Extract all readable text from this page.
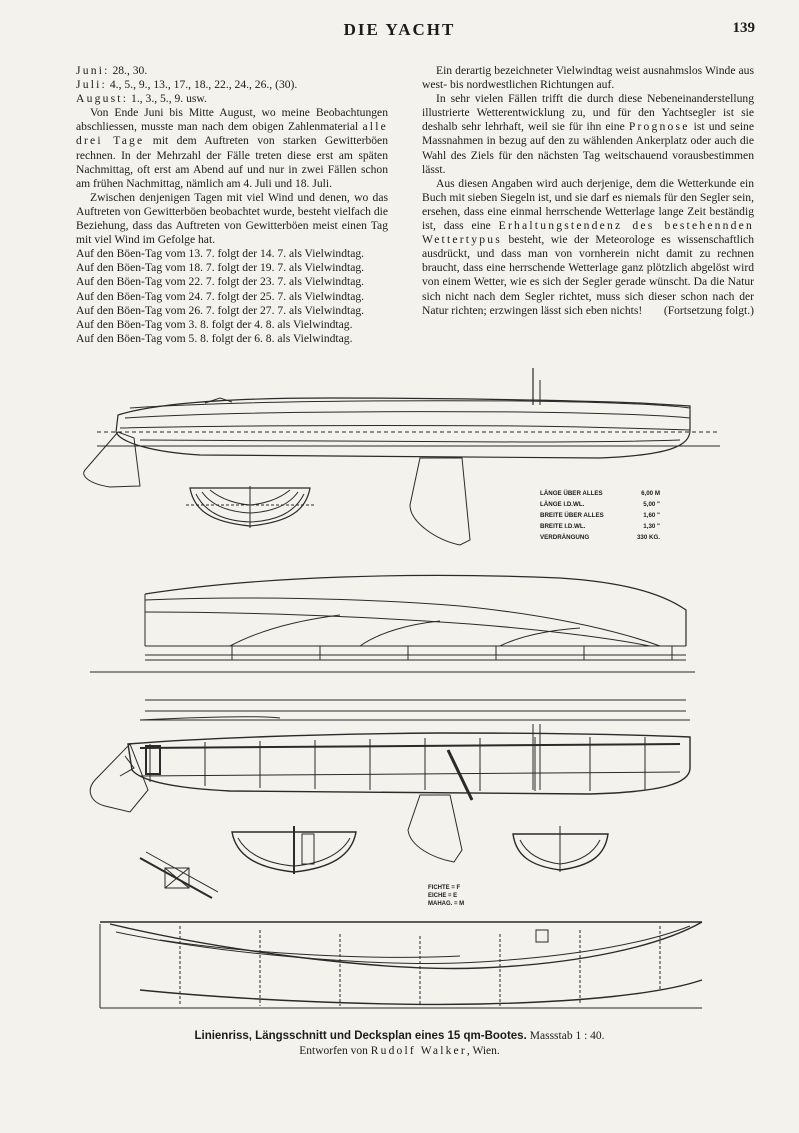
DIE YACHT	139

Juni: 28., 30.

Juli: 4., 5., 9., 13., 17., 18., 22., 24., 26., (30).

August: 1., 3., 5., 9. usw.

Von Ende Juni bis Mitte August, wo meine Beobachtungen abschliessen, musste man nach dem obigen Zahlenmaterial alle drei Tage mit dem Auftreten von starken Gewitterböen rechnen. In der Mehrzahl der Fälle treten diese erst am späten Nachmittag, oft erst am Abend auf und nur in zwei Fällen schon am frühen Nachmittag, nämlich am 4. Juli und 18. Juli.

Zwischen denjenigen Tagen mit viel Wind und denen, wo das Auftreten von Gewitterböen beobachtet wurde, besteht vielfach die Beziehung, dass das Auftreten von Gewitterböen meist einen Tag mit viel Wind im Gefolge hat.

Auf den Böen-Tag vom 13. 7. folgt der 14. 7. als Vielwindtag.

Auf den Böen-Tag vom 18. 7. folgt der 19. 7. als Vielwindtag.

Auf den Böen-Tag vom 22. 7. folgt der 23. 7. als Vielwindtag.

Auf den Böen-Tag vom 24. 7. folgt der 25. 7. als Vielwindtag.

Auf den Böen-Tag vom 26. 7. folgt der 27. 7. als Vielwindtag.

Auf den Böen-Tag vom 3. 8. folgt der 4. 8. als Vielwindtag.

Auf den Böen-Tag vom 5. 8. folgt der 6. 8. als Vielwindtag.

Ein derartig bezeichneter Vielwindtag weist ausnahmslos Winde aus west- bis nordwestlichen Richtungen auf.

In sehr vielen Fällen trifft die durch diese Nebeneinanderstellung illustrierte Wetterentwicklung zu, und für den Yachtsegler ist sie deshalb sehr lehrhaft, weil sie für ihn eine Prognose ist und seine Massnahmen in bezug auf den zu wählenden Ankerplatz oder auch die Wahl des Ziels für den nächsten Tag weitschauend vorausbestimmen lässt.

Aus diesen Angaben wird auch derjenige, dem die Wetterkunde ein Buch mit sieben Siegeln ist, und sie darf es niemals für den Segler sein, ersehen, dass eine einmal herrschende Wetterlage lange Zeit beständig ist, dass eine Erhaltungstendenz des bestehennden Wettertypus besteht, wie der Meteorologe es wissenschaftlich ausdrückt, und dass man von vornherein nicht damit zu rechnen braucht, dass eine herrschende Wetterlage ganz plötzlich abgelöst wird von einem Wetter, wie es sich der Segler gerade wünscht. Da die Natur sich nicht nach dem Segler richtet, muss sich dieser schon nach der Natur richten; erzwingen lässt sich eben nichts!	(Fortsetzung folgt.)

LÄNGE ÜBER ALLES	6,00 M
LÄNGE I.D.WL.	5,00 "
BREITE ÜBER ALLES	1,60 "
BREITE I.D.WL.	1,30 "
VERDRÄNGUNG	330 KG.
FICHTE = F
EICHE = E
MAHAG. = M
Linienriss, Längsschnitt und Decksplan eines 15 qm-Bootes. Massstab 1 : 40.
Entworfen von Rudolf Walker, Wien.
